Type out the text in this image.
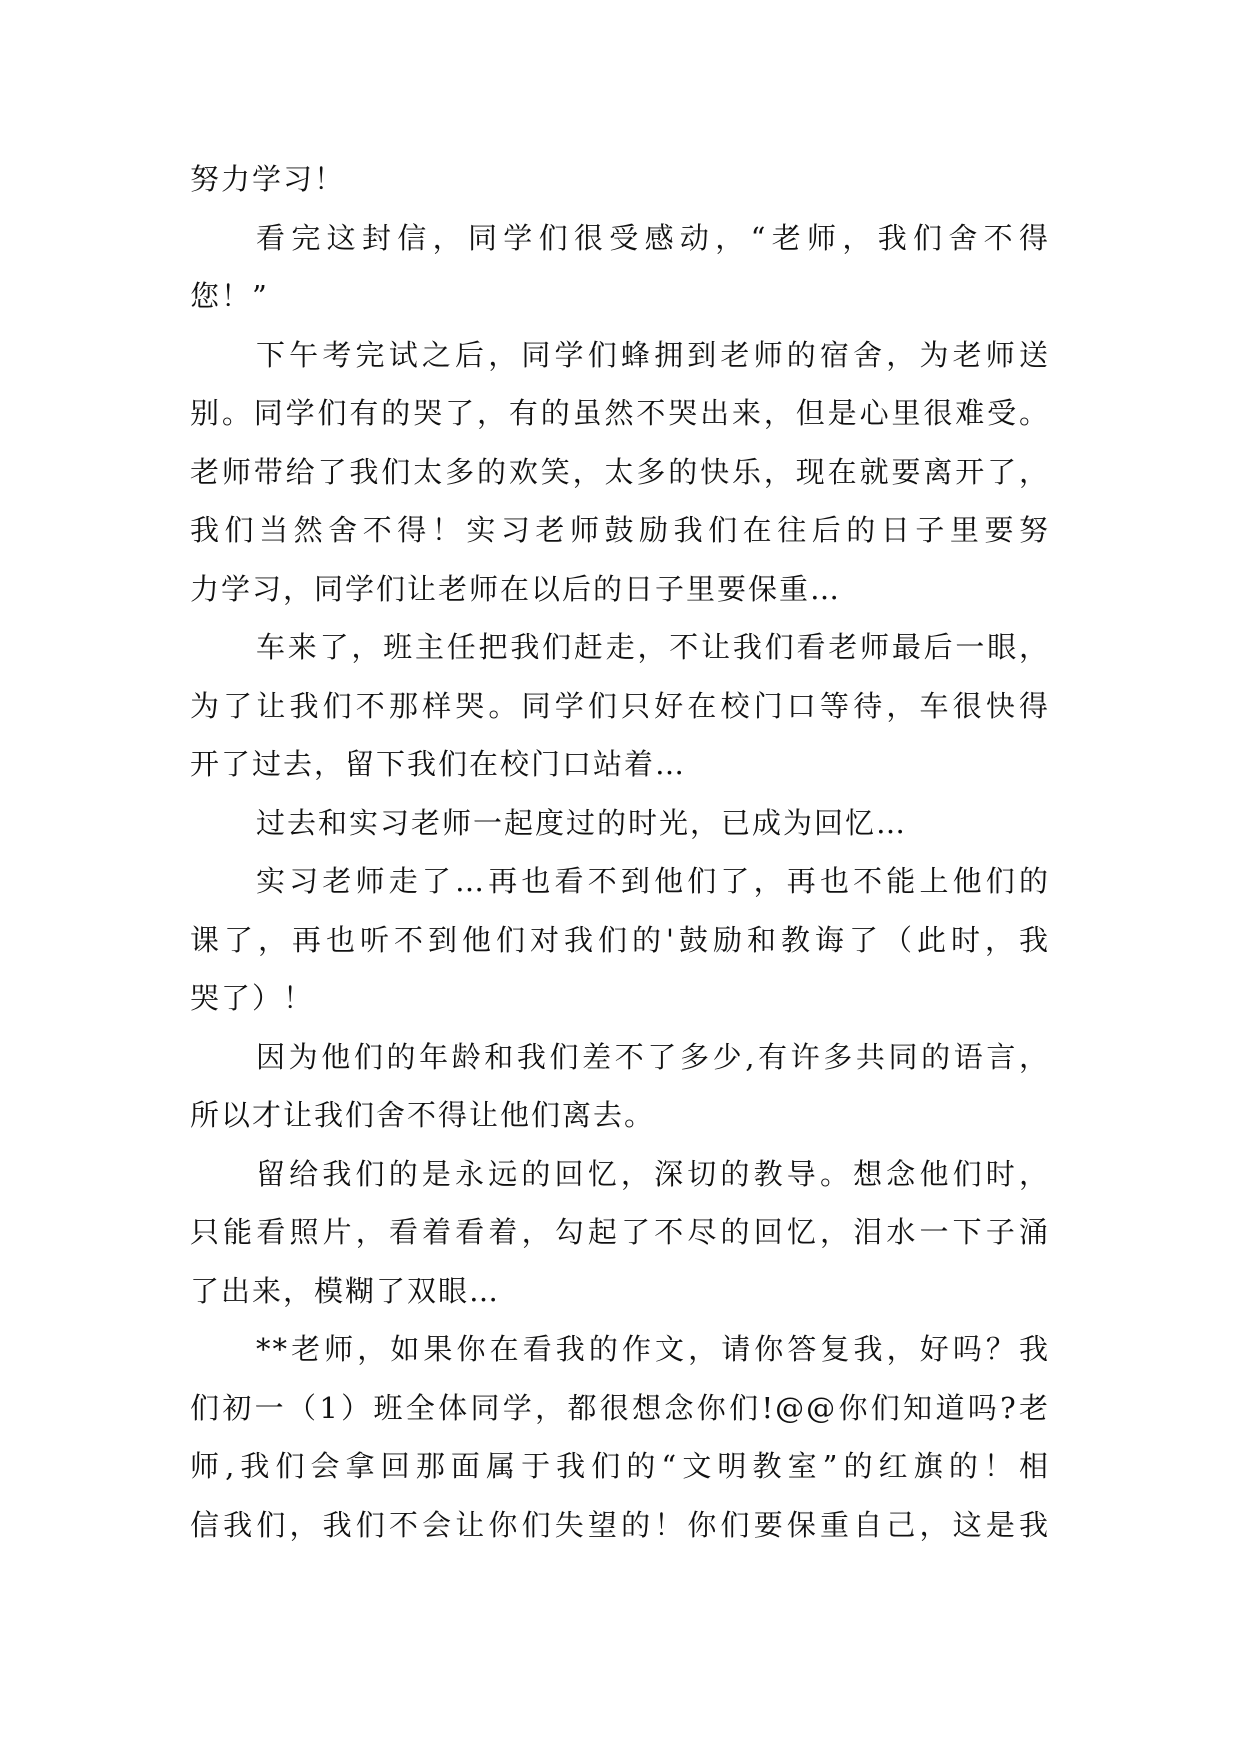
努力学习！
看完这封信，同学们很受感动，“老师，我们舍不得
您！”
下午考完试之后，同学们蜂拥到老师的宿舍，为老师送
别。同学们有的哭了，有的虽然不哭出来，但是心里很难受。
老师带给了我们太多的欢笑，太多的快乐，现在就要离开了，
我们当然舍不得！实习老师鼓励我们在往后的日子里要努
力学习，同学们让老师在以后的日子里要保重…
车来了，班主任把我们赶走，不让我们看老师最后一眼，
为了让我们不那样哭。同学们只好在校门口等待，车很快得
开了过去，留下我们在校门口站着…
过去和实习老师一起度过的时光，已成为回忆…
实习老师走了…再也看不到他们了，再也不能上他们的
课了，再也听不到他们对我们的'鼓励和教诲了（此时，我
哭了）！
因为他们的年龄和我们差不了多少,有许多共同的语言，
所以才让我们舍不得让他们离去。
留给我们的是永远的回忆，深切的教导。想念他们时，
只能看照片，看着看着，勾起了不尽的回忆，泪水一下子涌
了出来，模糊了双眼…
**老师，如果你在看我的作文，请你答复我，好吗？我
们初一（1）班全体同学，都很想念你们!@@你们知道吗?老
师,我们会拿回那面属于我们的“文明教室”的红旗的！相
信我们，我们不会让你们失望的！你们要保重自己，这是我
